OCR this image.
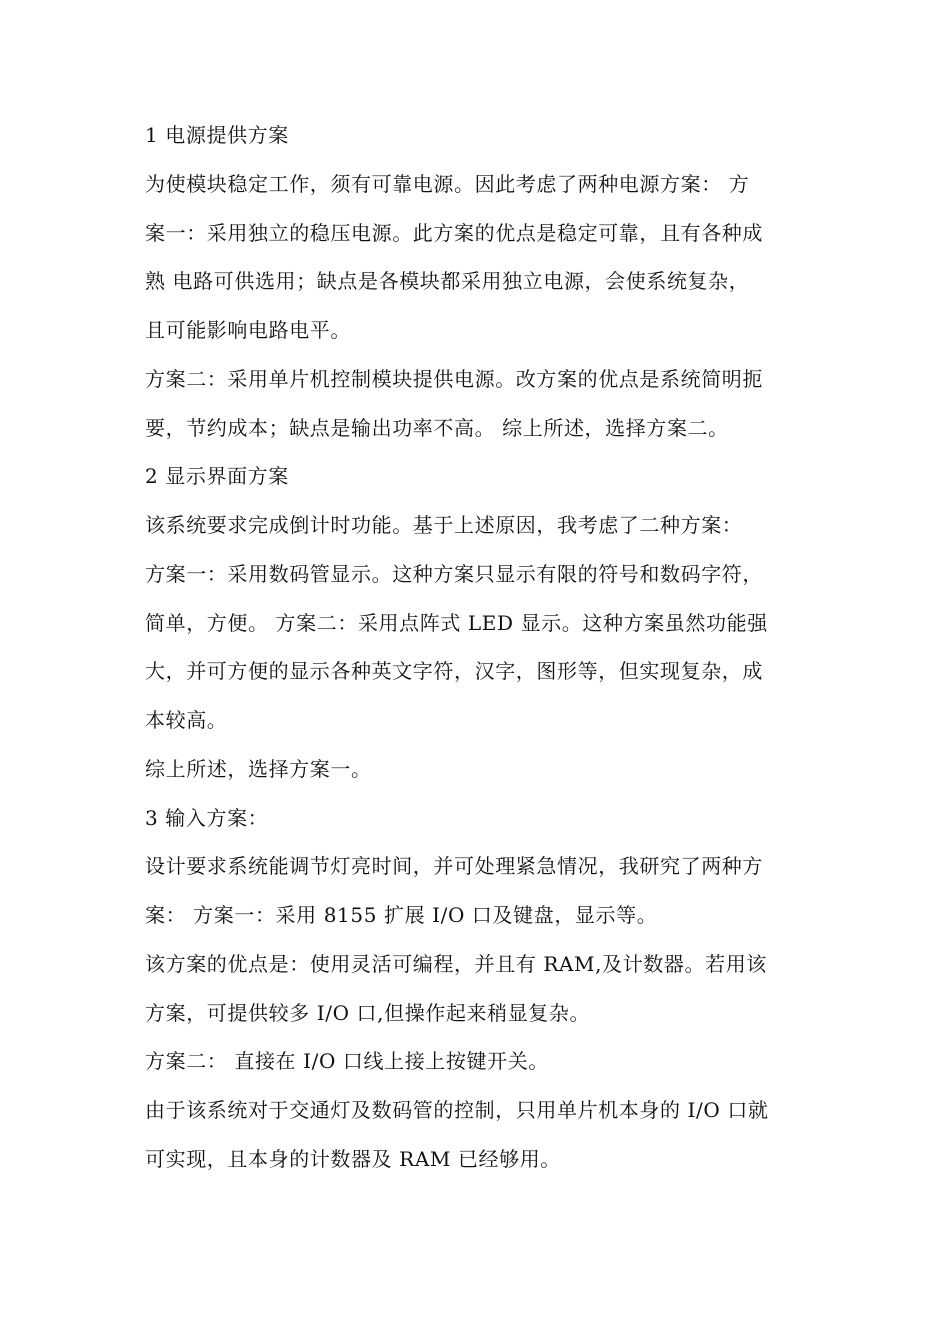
1 电源提供方案
为使模块稳定工作，须有可靠电源。因此考虑了两种电源方案： 方
案一：采用独立的稳压电源。此方案的优点是稳定可靠，且有各种成
熟 电路可供选用；缺点是各模块都采用独立电源，会使系统复杂，
且可能影响电路电平。
方案二：采用单片机控制模块提供电源。改方案的优点是系统简明扼
要，节约成本；缺点是输出功率不高。 综上所述，选择方案二。
2 显示界面方案
该系统要求完成倒计时功能。基于上述原因，我考虑了二种方案：
方案一：采用数码管显示。这种方案只显示有限的符号和数码字符，
简单，方便。 方案二：采用点阵式 LED 显示。这种方案虽然功能强
大，并可方便的显示各种英文字符，汉字，图形等，但实现复杂，成
本较高。
综上所述，选择方案一。
3 输入方案：
设计要求系统能调节灯亮时间，并可处理紧急情况，我研究了两种方
案： 方案一：采用 8155 扩展 I/O 口及键盘，显示等。
该方案的优点是：使用灵活可编程，并且有 RAM,及计数器。若用该
方案，可提供较多 I/O 口,但操作起来稍显复杂。
方案二： 直接在 I/O 口线上接上按键开关。
由于该系统对于交通灯及数码管的控制，只用单片机本身的 I/O 口就
可实现，且本身的计数器及 RAM 已经够用。
